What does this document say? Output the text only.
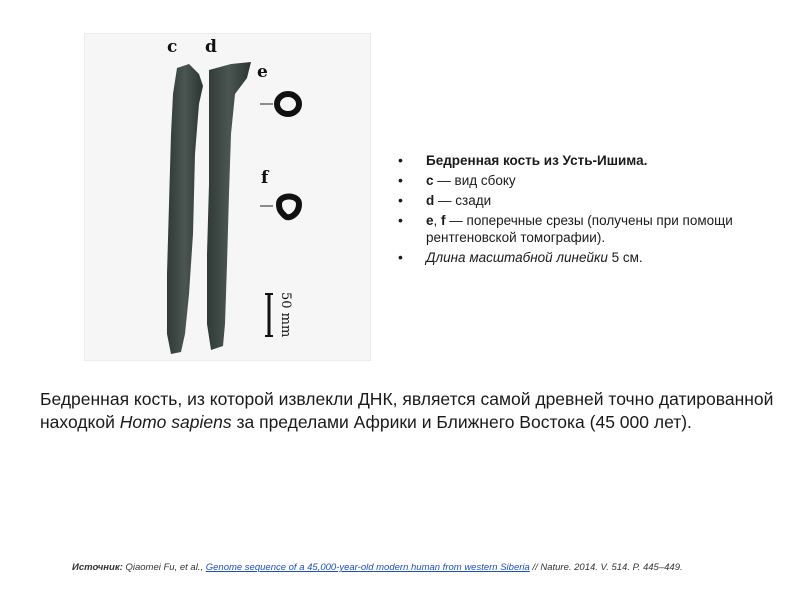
c d
e
f
50 mm
• Бедренная кость из Усть-Ишима.
• c — вид сбоку
• d — сзади
• e, f — поперечные срезы (получены при помощи рентгеновской томографии).
• Длина масштабной линейки 5 см.
Бедренная кость, из которой извлекли ДНК, является самой древней точно датированной находкой Homo sapiens за пределами Африки и Ближнего Востока (45 000 лет).
Источник: Qiaomei Fu, et al., Genome sequence of a 45,000-year-old modern human from western Siberia // Nature. 2014. V. 514. P. 445–449.
